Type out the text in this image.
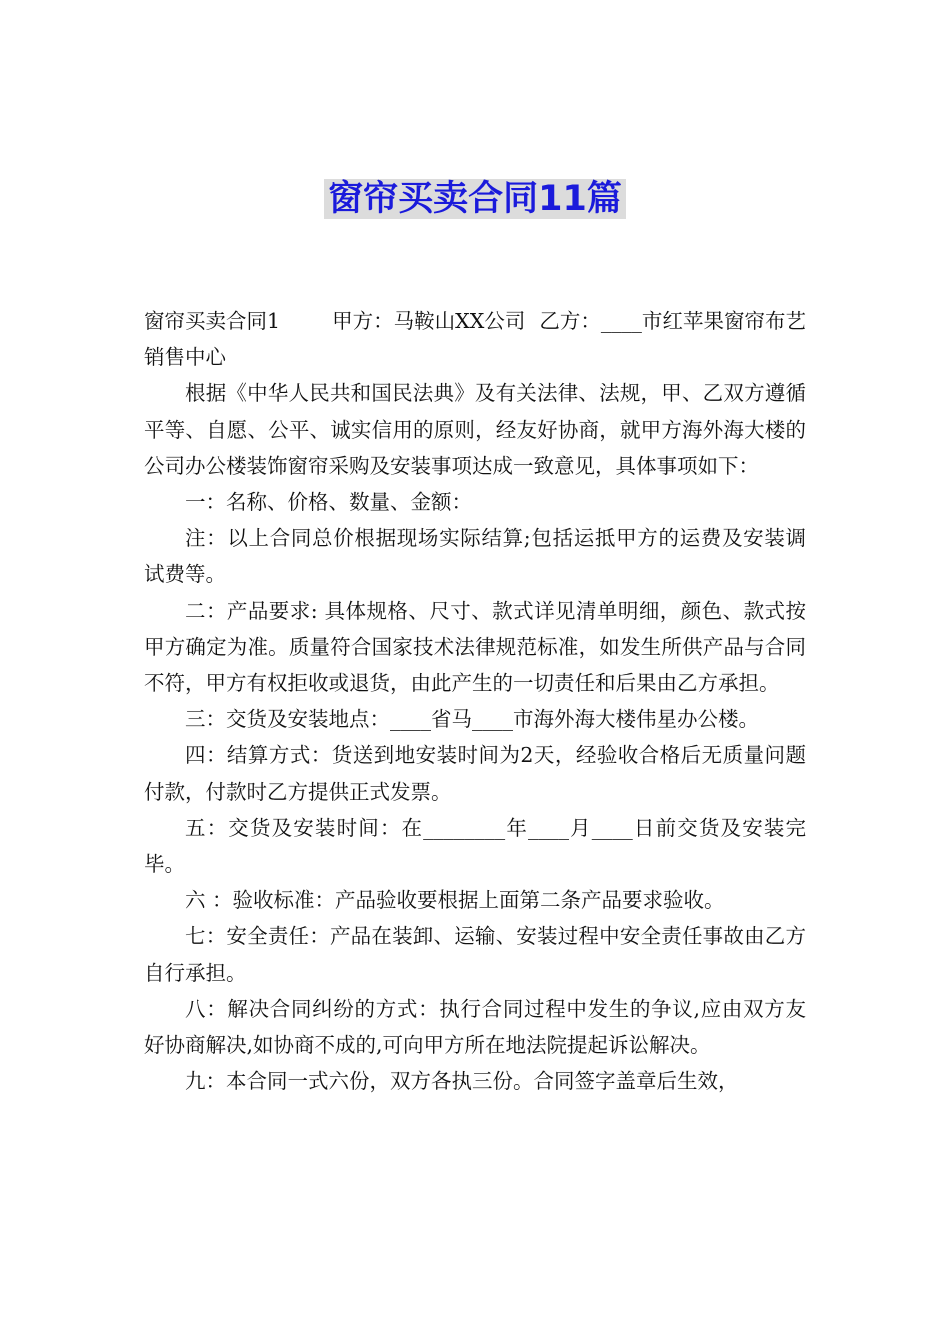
窗帘买卖合同11篇

窗帘买卖合同1	甲方：马鞍山XX公司 乙方：____市红苹果窗帘布艺销售中心

根据《中华人民共和国民法典》及有关法律、法规，甲、乙双方遵循平等、自愿、公平、诚实信用的原则，经友好协商，就甲方海外海大楼的公司办公楼装饰窗帘采购及安装事项达成一致意见，具体事项如下：

一：名称、价格、数量、金额：

注：以上合同总价根据现场实际结算;包括运抵甲方的运费及安装调试费等。

二：产品要求: 具体规格、尺寸、款式详见清单明细，颜色、款式按甲方确定为准。质量符合国家技术法律规范标准，如发生所供产品与合同不符，甲方有权拒收或退货，由此产生的一切责任和后果由乙方承担。

三：交货及安装地点：____省马____市海外海大楼伟星办公楼。

四：结算方式：货送到地安装时间为2天，经验收合格后无质量问题付款，付款时乙方提供正式发票。

五：交货及安装时间：在________年____月____日前交货及安装完毕。

六 ：验收标准：产品验收要根据上面第二条产品要求验收。

七：安全责任：产品在装卸、运输、安装过程中安全责任事故由乙方自行承担。

八：解决合同纠纷的方式：执行合同过程中发生的争议,应由双方友好协商解决,如协商不成的,可向甲方所在地法院提起诉讼解决。

九：本合同一式六份，双方各执三份。合同签字盖章后生效，
